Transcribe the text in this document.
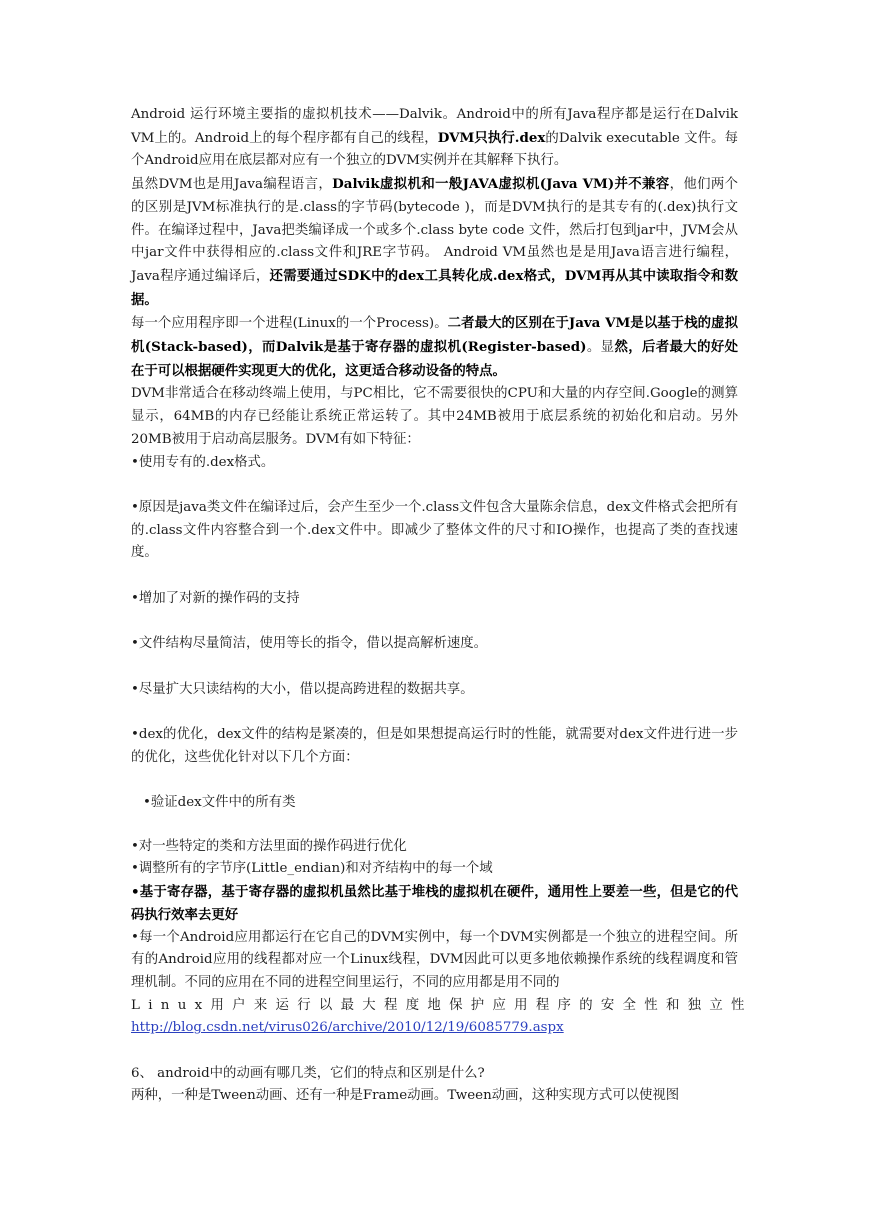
Android 运行环境主要指的虚拟机技术——Dalvik。Android中的所有Java程序都是运行在Dalvik VM上的。Android上的每个程序都有自己的线程，DVM只执行.dex的Dalvik executable 文件。每个Android应用在底层都对应有一个独立的DVM实例并在其解释下执行。

虽然DVM也是用Java编程语言，Dalvik虚拟机和一般JAVA虚拟机(Java VM)并不兼容，他们两个的区别是JVM标准执行的是.class的字节码(bytecode )，而是DVM执行的是其专有的(.dex)执行文件。在编译过程中，Java把类编译成一个或多个.class byte code 文件，然后打包到jar中，JVM会从中jar文件中获得相应的.class文件和JRE字节码。 Android VM虽然也是是用Java语言进行编程， Java程序通过编译后，还需要通过SDK中的dex工具转化成.dex格式，DVM再从其中读取指令和数据。

每一个应用程序即一个进程(Linux的一个Process)。二者最大的区别在于Java VM是以基于栈的虚拟机(Stack-based)，而Dalvik是基于寄存器的虚拟机(Register-based)。显然，后者最大的好处在于可以根据硬件实现更大的优化，这更适合移动设备的特点。

DVM非常适合在移动终端上使用，与PC相比，它不需要很快的CPU和大量的内存空间.Google的测算显示，64MB的内存已经能让系统正常运转了。其中24MB被用于底层系统的初始化和启动。另外20MB被用于启动高层服务。DVM有如下特征：

•使用专有的.dex格式。

•原因是java类文件在编译过后，会产生至少一个.class文件包含大量陈余信息，dex文件格式会把所有的.class文件内容整合到一个.dex文件中。即减少了整体文件的尺寸和IO操作，也提高了类的查找速度。

•增加了对新的操作码的支持

•文件结构尽量简洁，使用等长的指令，借以提高解析速度。

•尽量扩大只读结构的大小，借以提高跨进程的数据共享。

•dex的优化，dex文件的结构是紧凑的，但是如果想提高运行时的性能，就需要对dex文件进行进一步的优化，这些优化针对以下几个方面：

•验证dex文件中的所有类

•对一些特定的类和方法里面的操作码进行优化

•调整所有的字节序(Little_endian)和对齐结构中的每一个域

•基于寄存器，基于寄存器的虚拟机虽然比基于堆栈的虚拟机在硬件，通用性上要差一些，但是它的代码执行效率去更好

•每一个Android应用都运行在它自己的DVM实例中，每一个DVM实例都是一个独立的进程空间。所有的Android应用的线程都对应一个Linux线程，DVM因此可以更多地依赖操作系统的线程调度和管理机制。不同的应用在不同的进程空间里运行，不同的应用都是用不同的

Linux用户来运行以最大程度地保护应用程序的安全性和独立性

http://blog.csdn.net/virus026/archive/2010/12/19/6085779.aspx

6、 android中的动画有哪几类，它们的特点和区别是什么?

两种，一种是Tween动画、还有一种是Frame动画。Tween动画，这种实现方式可以使视图
